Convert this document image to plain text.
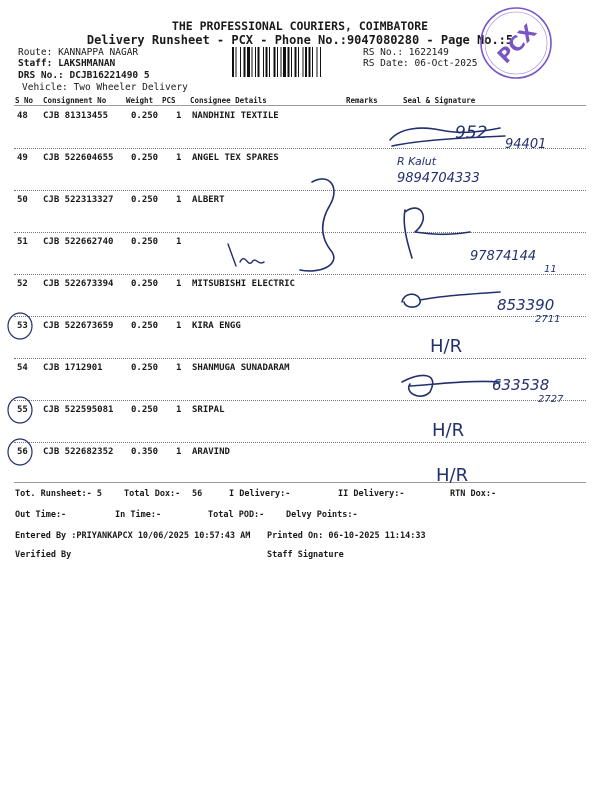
THE PROFESSIONAL COURIERS, COIMBATORE
Delivery Runsheet - PCX - Phone No.:9047080280 - Page No.:5
Route: KANNAPPA NAGAR
Staff: LAKSHMANAN
DRS No.: DCJB16221490 5
Vehicle: Two Wheeler Delivery
RS No.: 1622149
RS Date: 06-Oct-2025 PCX
S No Consignment No	Weight PCS Consignee Details	Remarks	Seal & Signature
48 CJB 81313455	0.250 1 NANDHINI TEXTILE
49 CJB 522604655 0.250 1 ANGEL TEX SPARES
50 CJB 522313327 0.250 1 ALBERT
51 CJB 522662740 0.250 1
52 CJB 522673394 0.250 1 MITSUBISHI ELECTRIC
53 CJB 522673659 0.250 1 KIRA ENGG
54 CJB 1712901	0.250 1 SHANMUGA SUNADARAM
55 CJB 522595081 0.250 1 SRIPAL
56 CJB 522682352 0.350 1 ARAVIND
Tot. Runsheet:- 5	Total Dox:- 56	I Delivery:-	II Delivery:-	RTN Dox:-
Out Time:-	In Time:-	Total POD:-	Delvy Points:-
Entered By :PRIYANKAPCX 10/06/2025 10:57:43 AM Printed On: 06-10-2025 11:14:33
Verified By	Staff Signature
952
94401
R Kalut
9894704333
97874144
11
853390
2711
H/R
633538
2727
H/R
H/R
